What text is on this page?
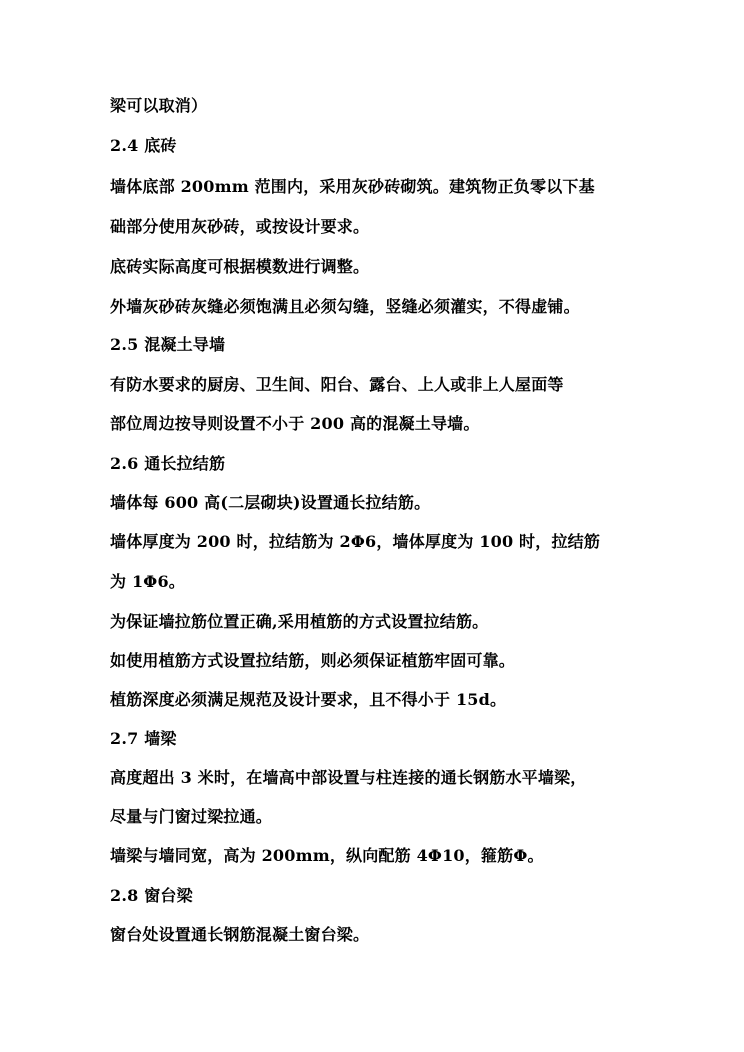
梁可以取消）
2.4 底砖
墙体底部 200mm 范围内，采用灰砂砖砌筑。建筑物正负零以下基
础部分使用灰砂砖，或按设计要求。
底砖实际高度可根据模数进行调整。
外墙灰砂砖灰缝必须饱满且必须勾缝，竖缝必须灌实，不得虚铺。
2.5 混凝土导墙
有防水要求的厨房、卫生间、阳台、露台、上人或非上人屋面等
部位周边按导则设置不小于 200 高的混凝土导墙。
2.6 通长拉结筋
墙体每 600 高(二层砌块)设置通长拉结筋。
墙体厚度为 200 时，拉结筋为 2Φ6，墙体厚度为 100 时，拉结筋
为 1Φ6。
为保证墙拉筋位置正确,采用植筋的方式设置拉结筋。
如使用植筋方式设置拉结筋，则必须保证植筋牢固可靠。
植筋深度必须满足规范及设计要求，且不得小于 15d。
2.7 墙梁
高度超出 3 米时，在墙高中部设置与柱连接的通长钢筋水平墙梁，
尽量与门窗过梁拉通。
墙梁与墙同宽，高为 200mm，纵向配筋 4Φ10，箍筋Φ。
2.8 窗台梁
窗台处设置通长钢筋混凝土窗台梁。
